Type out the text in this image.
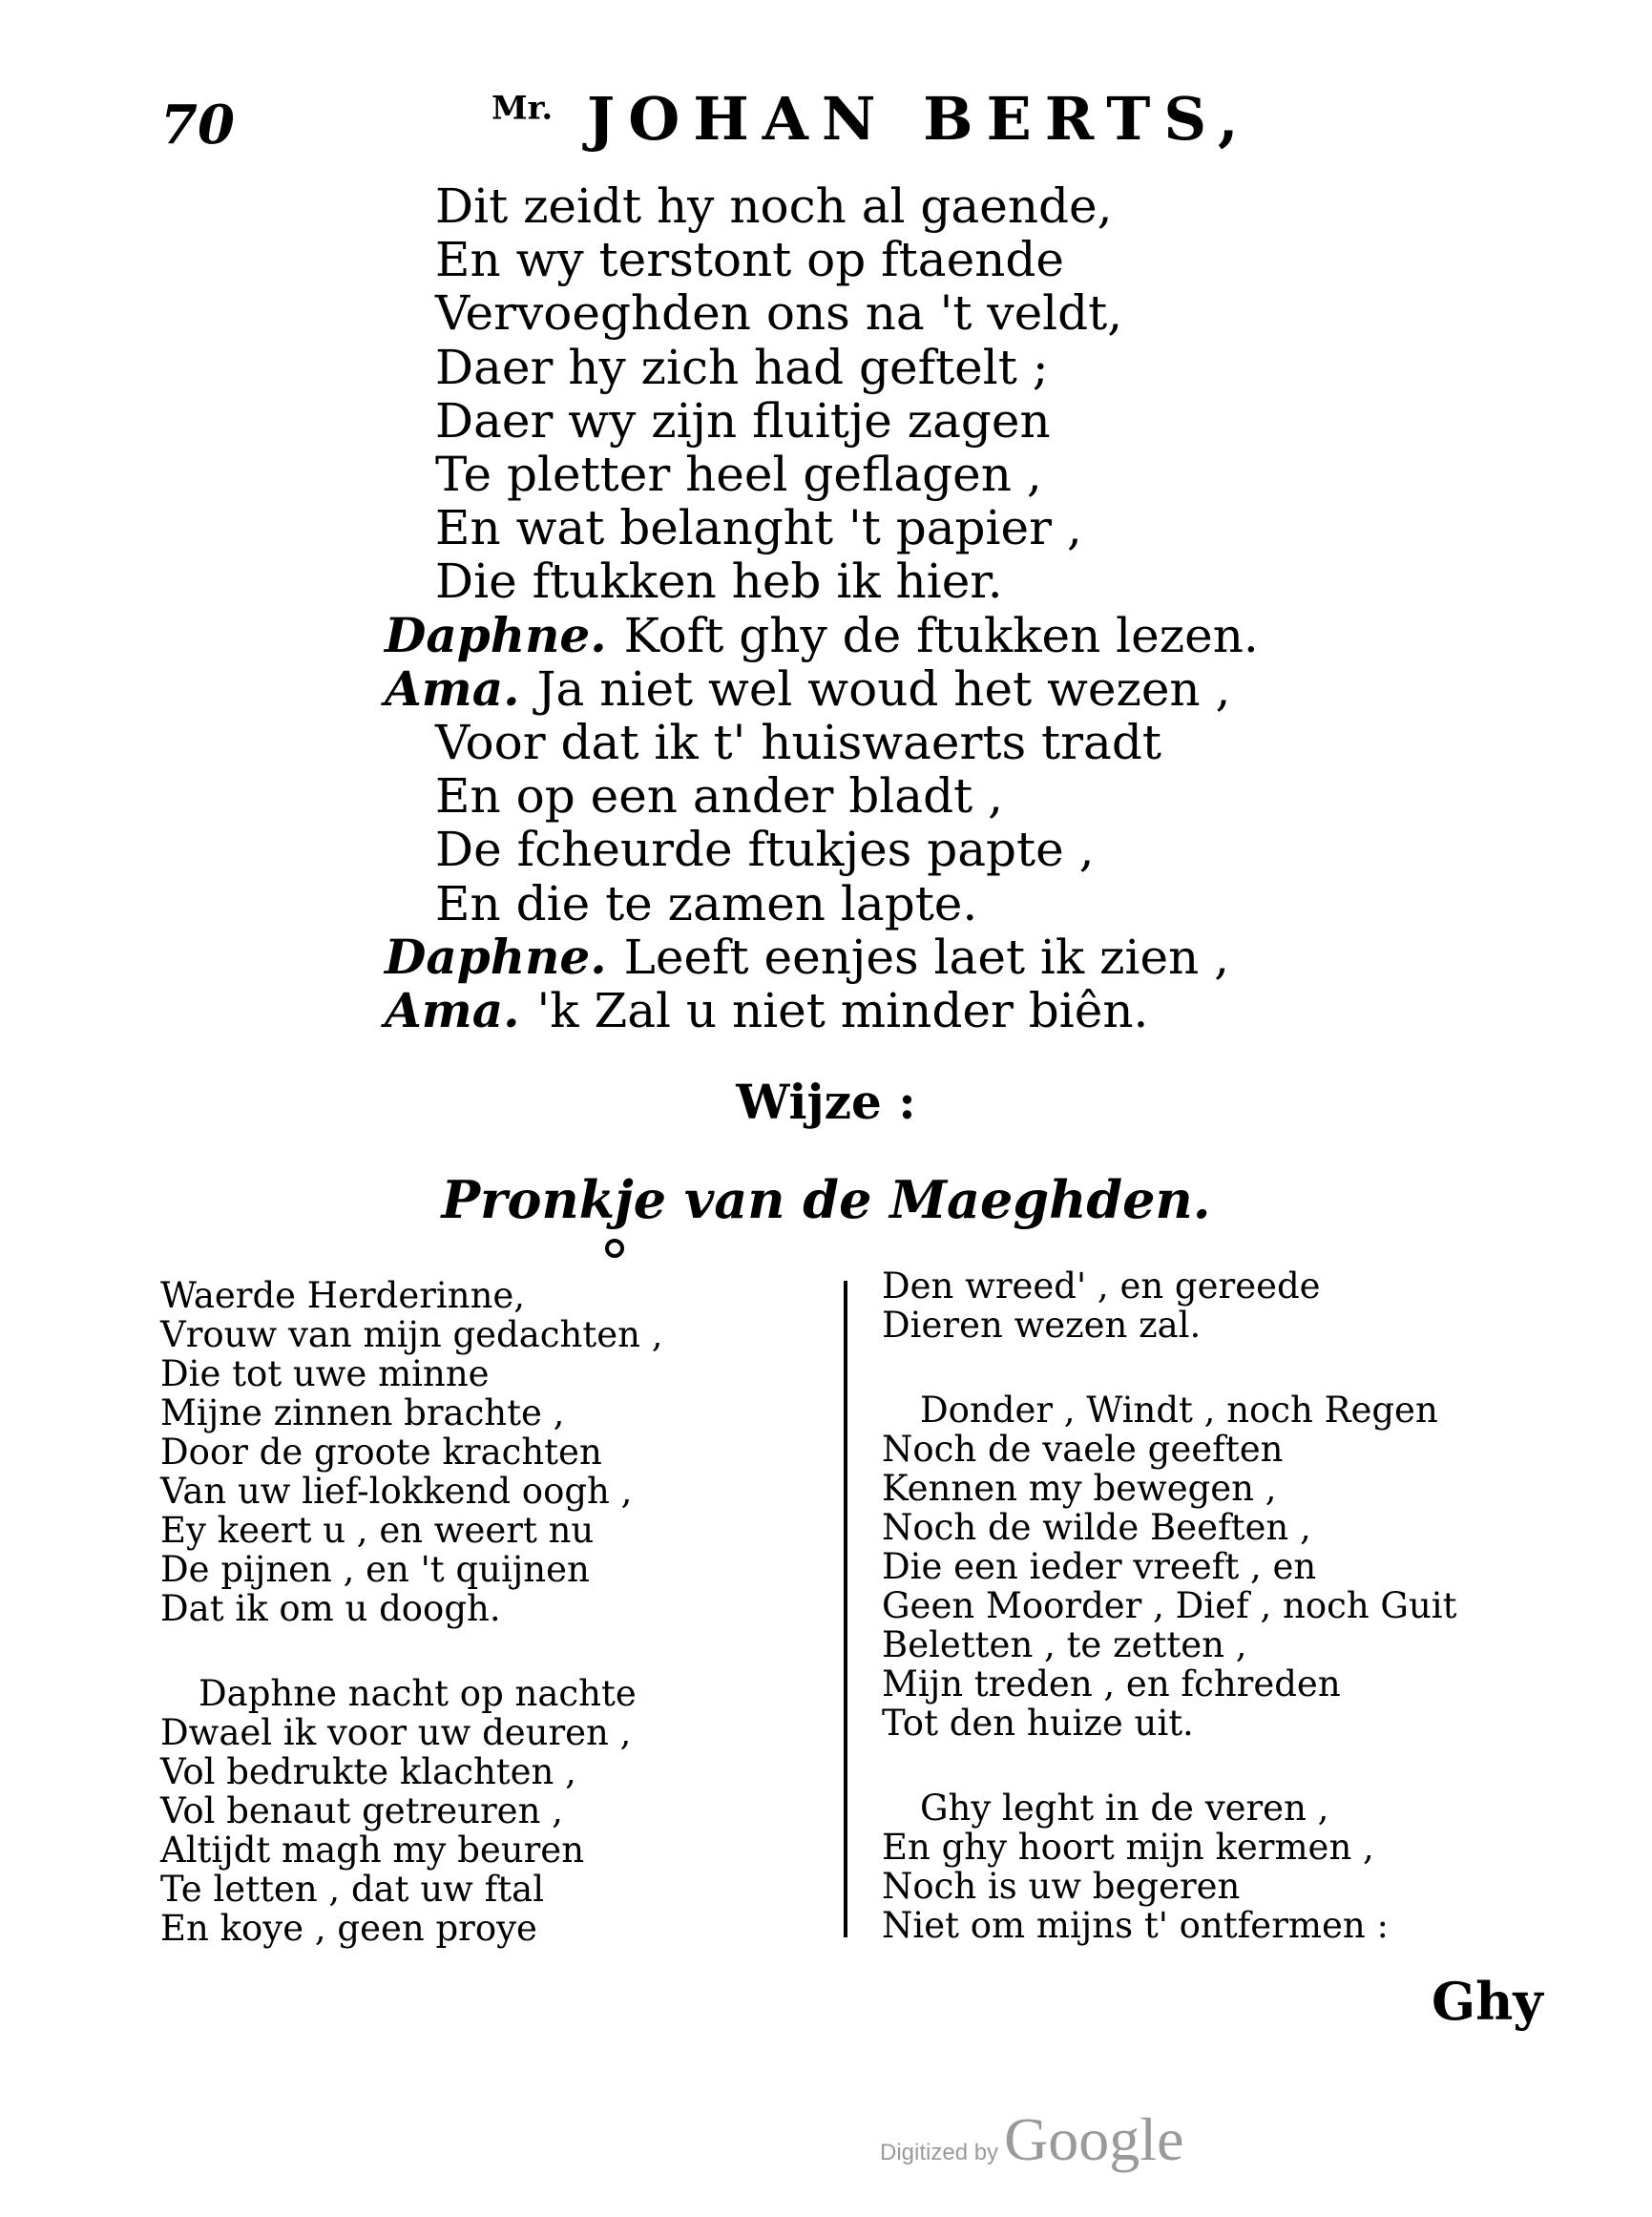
70	$^{Mr.}$ JOHAN BERTS,
Dit zeidt hy noch al gaende,
En wy terstont op ftaende
Vervoeghden ons na 't veldt,
Daer hy zich had geftelt ;
Daer wy zijn fluitje zagen
Te pletter heel geflagen ,
En wat belanght 't papier ,
Die ftukken heb ik hier.
Daphne. Koft ghy de ftukken lezen.
Ama. Ja niet wel woud het wezen ,
Voor dat ik t' huiswaerts tradt
En op een ander bladt ,
De fcheurde ftukjes papte ,
En die te zamen lapte.
Daphne. Leeft eenjes laet ik zien ,
Ama. 'k Zal u niet minder biên.
Wijze :
Pronkje van de Maeghden.
Waerde Herderinne,
Vrouw van mijn gedachten ,
Die tot uwe minne
Mijne zinnen brachte ,
Door de groote krachten
Van uw lief-lokkend oogh ,
Ey keert u , en weert nu
De pijnen , en 't quijnen
Dat ik om u doogh.
Daphne nacht op nachte
Dwael ik voor uw deuren ,
Vol bedrukte klachten ,
Vol benaut getreuren ,
Altijdt magh my beuren
Te letten , dat uw ftal
En koye , geen proye
Den wreed' , en gereede
Dieren wezen zal.
Donder , Windt , noch Regen
Noch de vaele geeften
Kennen my bewegen ,
Noch de wilde Beeften ,
Die een ieder vreeft , en
Geen Moorder , Dief , noch Guit
Beletten , te zetten ,
Mijn treden , en fchreden
Tot den huize uit.
Ghy leght in de veren ,
En ghy hoort mijn kermen ,
Noch is uw begeren
Niet om mijns t' ontfermen :
Ghy
Digitized byGoogle
